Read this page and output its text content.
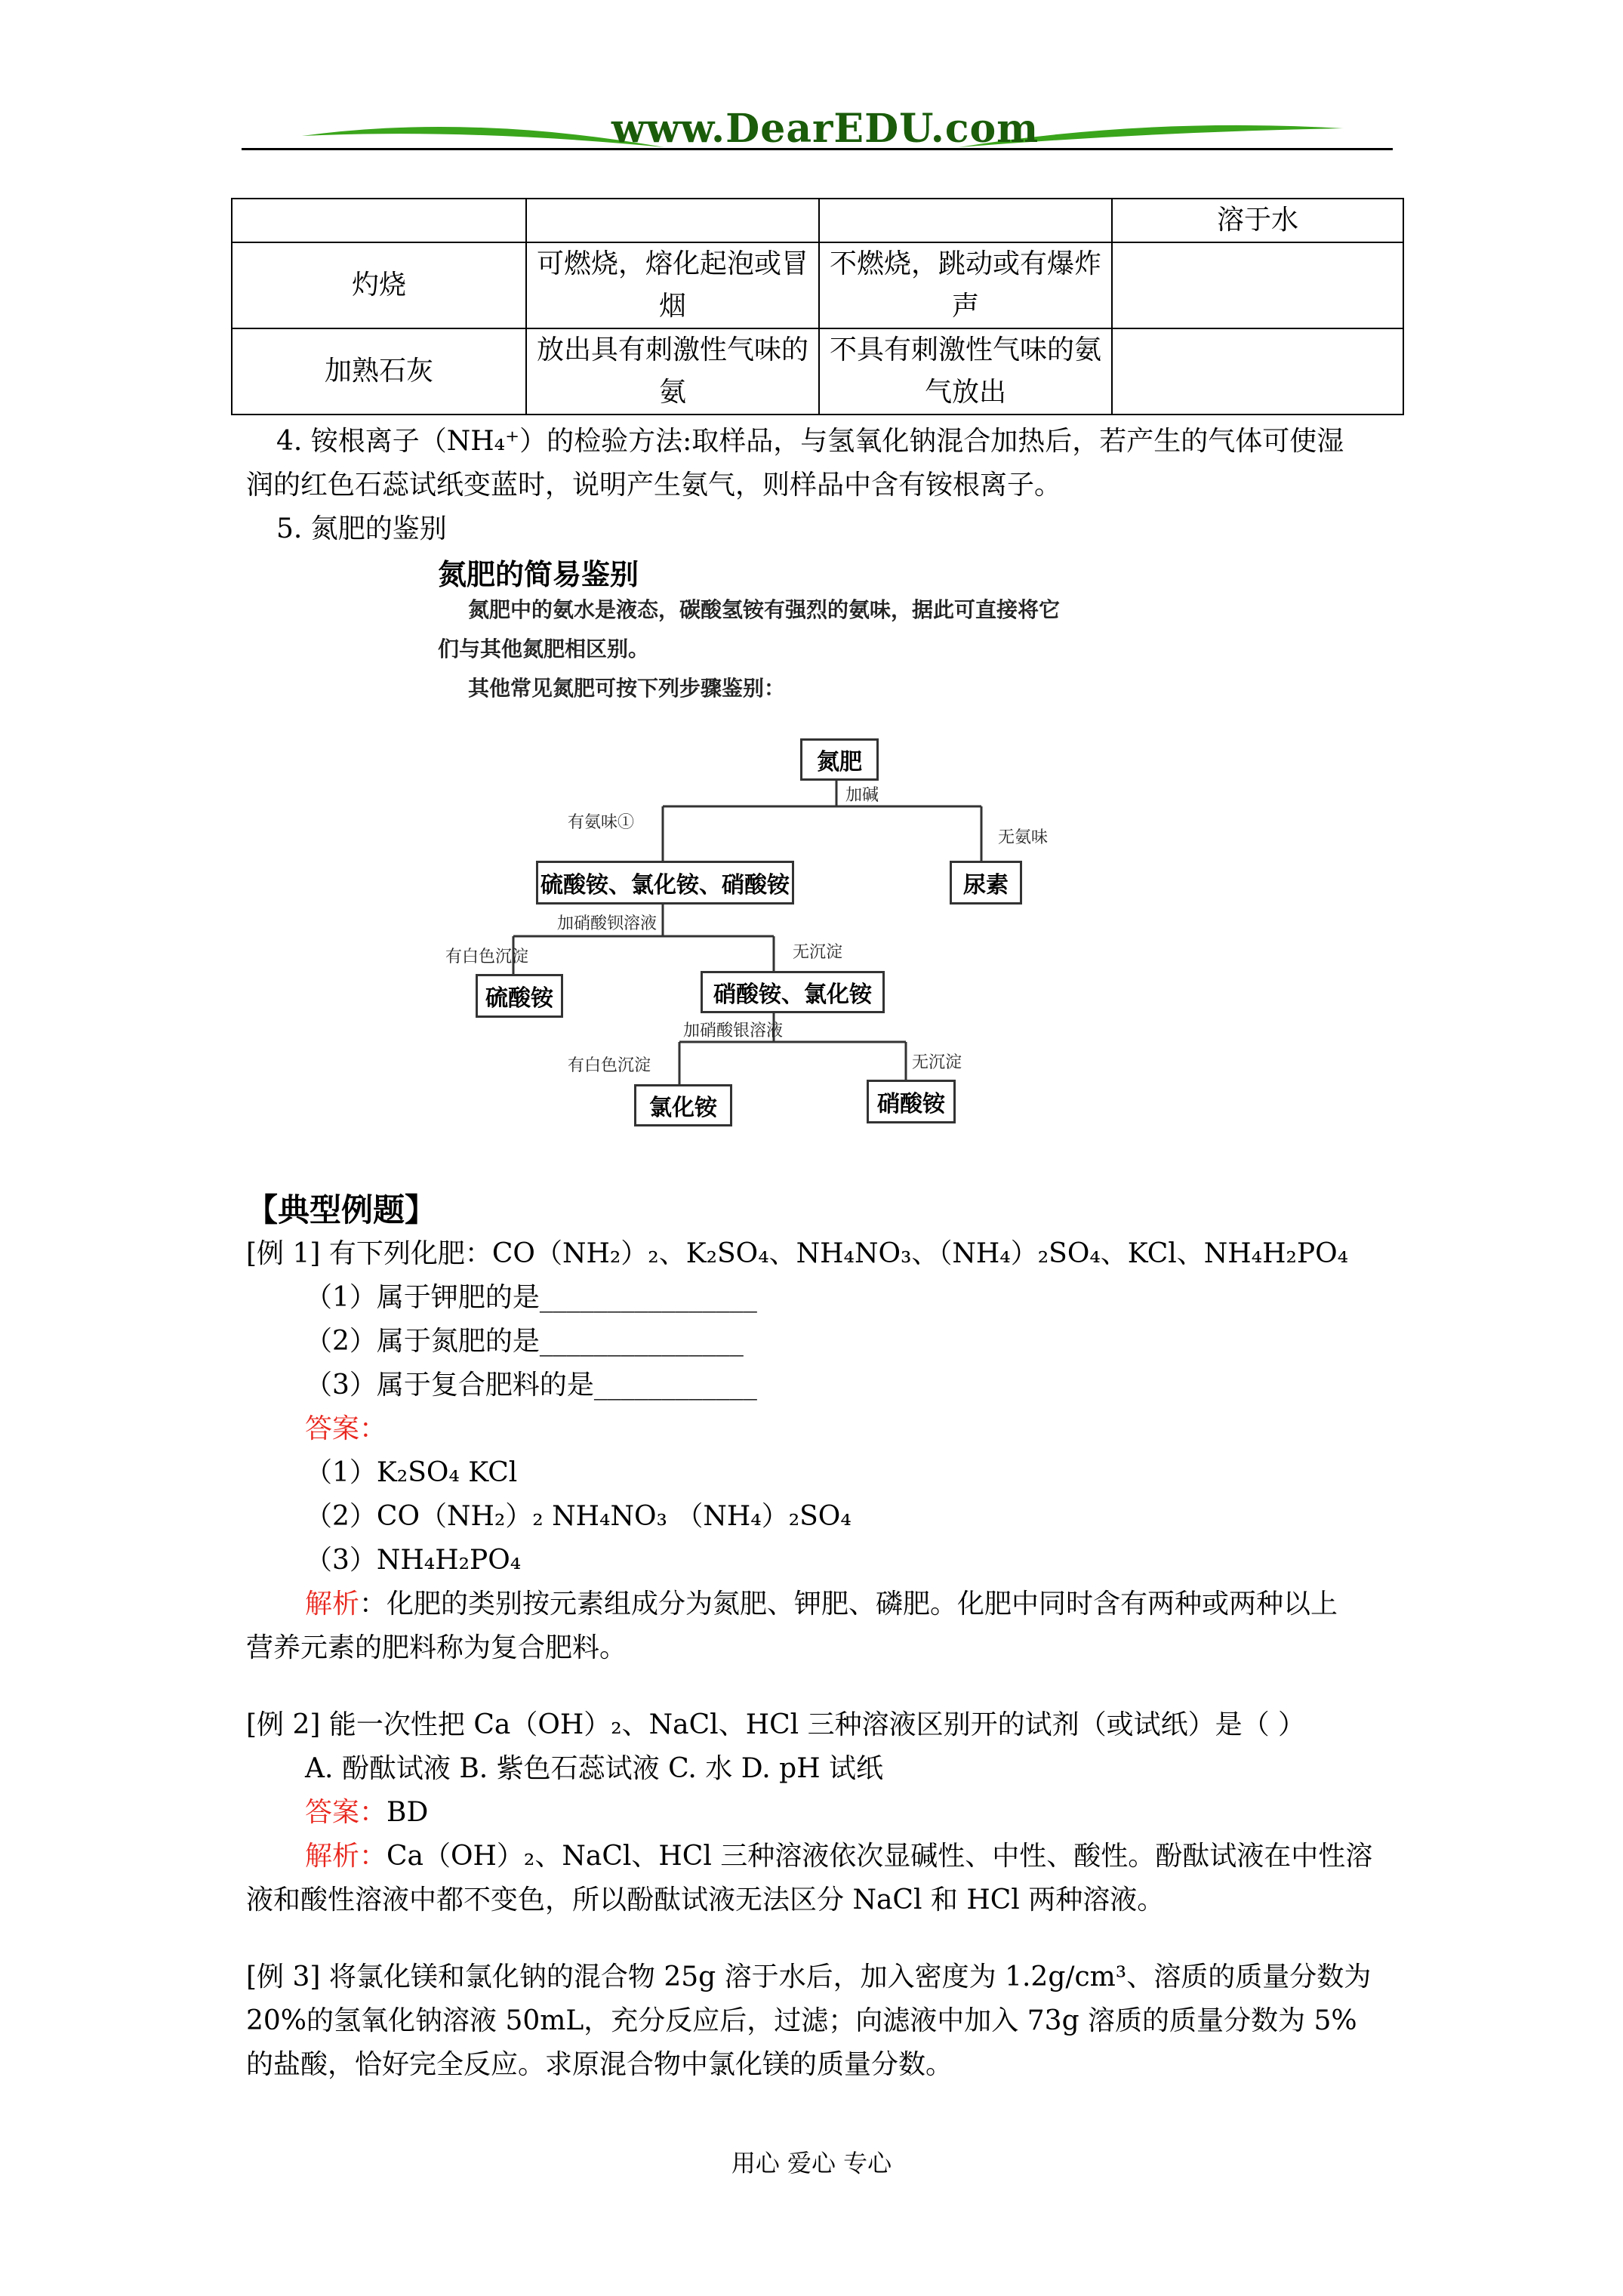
www.DearEDU.com
			溶于水
灼烧	可燃烧，熔化起泡或冒烟	不燃烧，跳动或有爆炸声	
加熟石灰	放出具有刺激性气味的氨	不具有刺激性气味的氨气放出	
4. 铵根离子（NH₄⁺）的检验方法:取样品，与氢氧化钠混合加热后，若产生的气体可使湿
润的红色石蕊试纸变蓝时，说明产生氨气，则样品中含有铵根离子。
5. 氮肥的鉴别
氮肥的简易鉴别
氮肥中的氨水是液态，碳酸氢铵有强烈的氨味，据此可直接将它
们与其他氮肥相区别。
其他常见氮肥可按下列步骤鉴别：
氮肥
加碱
有氨味①
无氨味
硫酸铵、氯化铵、硝酸铵	尿素
加硝酸钡溶液
有白色沉淀	无沉淀
硫酸铵	硝酸铵、氯化铵
加硝酸银溶液
有白色沉淀	无沉淀
氯化铵	硝酸铵
【典型例题】
[例 1] 有下列化肥：CO（NH₂）₂、K₂SO₄、NH₄NO₃、（NH₄）₂SO₄、KCl、NH₄H₂PO₄
（1）属于钾肥的是________________
（2）属于氮肥的是_______________
（3）属于复合肥料的是____________
答案：
（1）K₂SO₄ KCl
（2）CO（NH₂）₂ NH₄NO₃ （NH₄）₂SO₄
（3）NH₄H₂PO₄
解析：化肥的类别按元素组成分为氮肥、钾肥、磷肥。化肥中同时含有两种或两种以上
营养元素的肥料称为复合肥料。
[例 2] 能一次性把 Ca（OH）₂、NaCl、HCl 三种溶液区别开的试剂（或试纸）是（ ）
A. 酚酞试液 B. 紫色石蕊试液 C. 水 D. pH 试纸
答案：BD
解析：Ca（OH）₂、NaCl、HCl 三种溶液依次显碱性、中性、酸性。酚酞试液在中性溶
液和酸性溶液中都不变色，所以酚酞试液无法区分 NaCl 和 HCl 两种溶液。
[例 3] 将氯化镁和氯化钠的混合物 25g 溶于水后，加入密度为 1.2g/cm³、溶质的质量分数为
20%的氢氧化钠溶液 50mL，充分反应后，过滤；向滤液中加入 73g 溶质的质量分数为 5%
的盐酸，恰好完全反应。求原混合物中氯化镁的质量分数。
用心 爱心 专心
